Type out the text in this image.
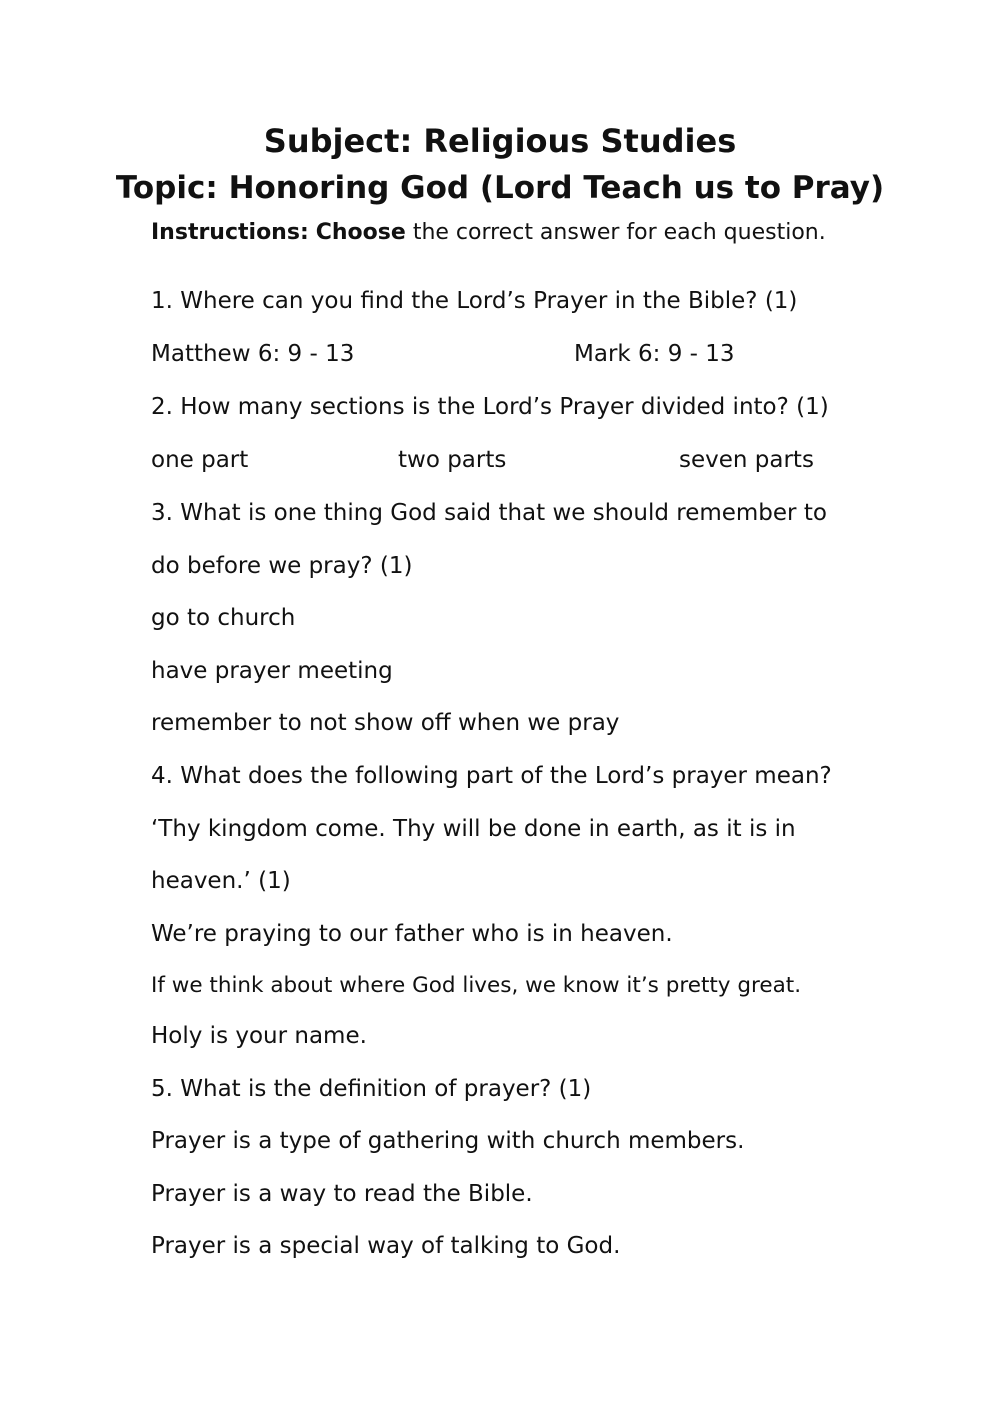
Subject: Religious Studies
Topic: Honoring God (Lord Teach us to Pray)
Instructions: Choose the correct answer for each question.
1. Where can you find the Lord’s Prayer in the Bible? (1)
Matthew 6: 9 - 13	Mark 6: 9 - 13
2. How many sections is the Lord’s Prayer divided into? (1)
one part	two parts	seven parts
3. What is one thing God said that we should remember to
do before we pray? (1)
go to church
have prayer meeting
remember to not show off when we pray
4. What does the following part of the Lord’s prayer mean?
‘Thy kingdom come. Thy will be done in earth, as it is in
heaven.’ (1)
We’re praying to our father who is in heaven.
If we think about where God lives, we know it’s pretty great.
Holy is your name.
5. What is the definition of prayer? (1)
Prayer is a type of gathering with church members.
Prayer is a way to read the Bible.
Prayer is a special way of talking to God.
